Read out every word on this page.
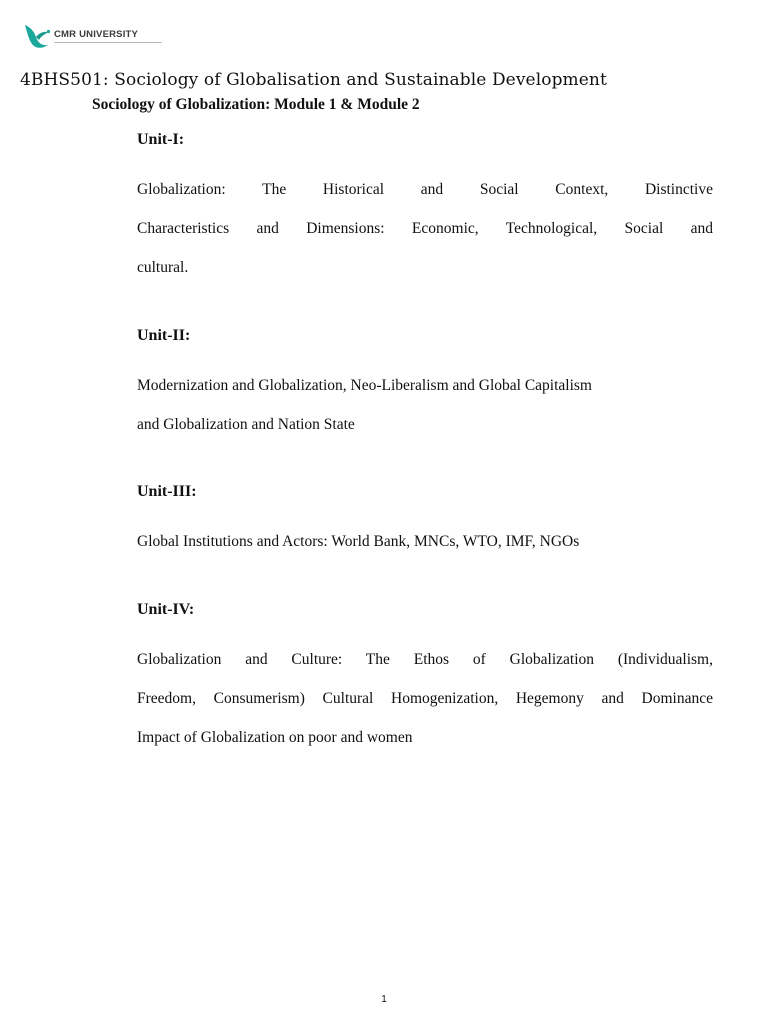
CMR UNIVERSITY
4BHS501: Sociology of Globalisation and Sustainable Development
Sociology of Globalization: Module 1 & Module 2
Unit-I:
Globalization: The Historical and Social Context, Distinctive
Characteristics and Dimensions: Economic, Technological, Social and
cultural.
Unit-II:
Modernization and Globalization, Neo-Liberalism and Global Capitalism
and Globalization and Nation State
Unit-III:
Global Institutions and Actors: World Bank, MNCs, WTO, IMF, NGOs
Unit-IV:
Globalization and Culture: The Ethos of Globalization (Individualism,
Freedom, Consumerism) Cultural Homogenization, Hegemony and Dominance
Impact of Globalization on poor and women
1
